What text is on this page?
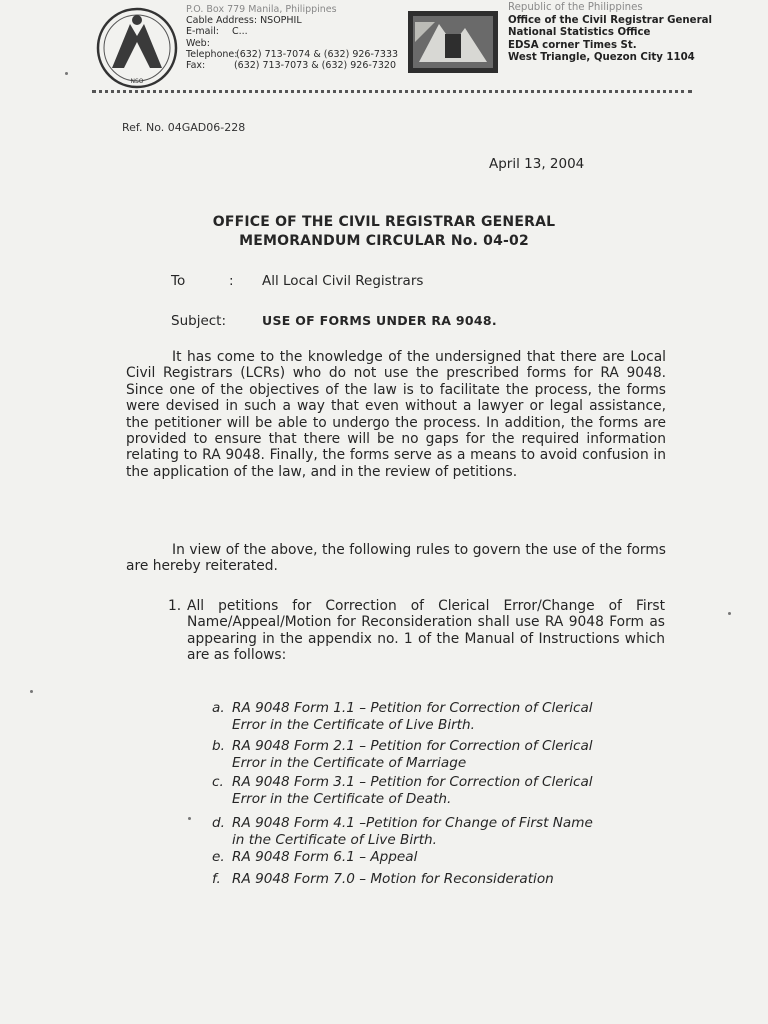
NSO
P.O. Box 779 Manila, Philippines
Cable Address:
NSOPHIL
E-mail:	C...
Web:
Telephone:
(632) 713-7074 & (632) 926-7333
Fax:	(632) 713-7073 & (632) 926-7320
Republic of the Philippines
Office of the Civil Registrar General
National Statistics Office
EDSA corner Times St.
West Triangle, Quezon City 1104
Ref. No. 04GAD06-228
April 13, 2004
OFFICE OF THE CIVIL REGISTRAR GENERAL
MEMORANDUM CIRCULAR No. 04-02
To	: All Local Civil Registrars
Subject:	USE OF FORMS UNDER RA 9048.
It has come to the knowledge of the undersigned that there are Local Civil Registrars (LCRs) who do not use the prescribed forms for RA 9048. Since one of the objectives of the law is to facilitate the process, the forms were devised in such a way that even without a lawyer or legal assistance, the petitioner will be able to undergo the process. In addition, the forms are provided to ensure that there will be no gaps for the required information relating to RA 9048. Finally, the forms serve as a means to avoid confusion in the application of the law, and in the review of petitions.
In view of the above, the following rules to govern the use of the forms are hereby reiterated.
1. All petitions for Correction of Clerical Error/Change of First Name/Appeal/Motion for Reconsideration shall use RA 9048 Form as appearing in the appendix no. 1 of the Manual of Instructions which are as follows:
a. RA 9048 Form 1.1 – Petition for Correction of Clerical
Error in the Certificate of Live Birth.
b. RA 9048 Form 2.1 – Petition for Correction of Clerical
Error in the Certificate of Marriage
c. RA 9048 Form 3.1 – Petition for Correction of Clerical
Error in the Certificate of Death.
d. RA 9048 Form 4.1 –Petition for Change of First Name
in the Certificate of Live Birth.
e. RA 9048 Form 6.1 – Appeal
f. RA 9048 Form 7.0 – Motion for Reconsideration
